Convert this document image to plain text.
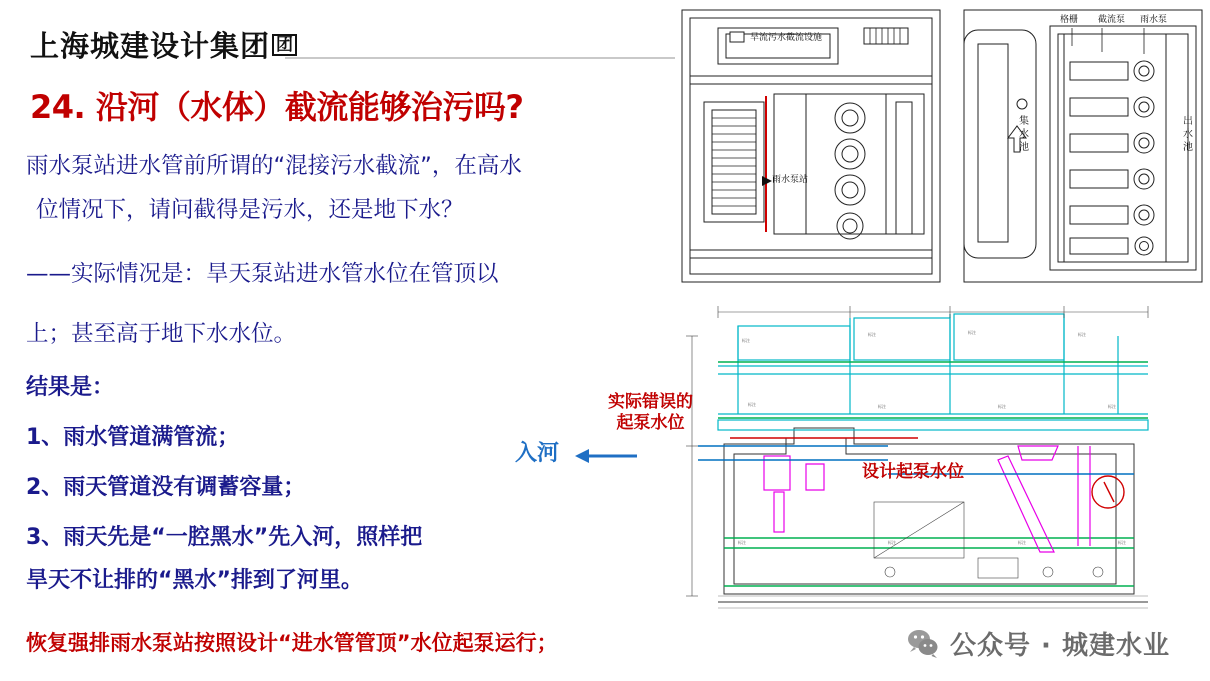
上海城建设计集团 团
24. 沿河（水体）截流能够治污吗?
雨水泵站进水管前所谓的“混接污水截流”，在高水
位情况下，请问截得是污水，还是地下水？
——实际情况是：旱天泵站进水管水位在管顶以
上；甚至高于地下水水位。
结果是：
1、雨水管道满管流；
2、雨天管道没有调蓄容量；
3、雨天先是“一腔黑水”先入河，照样把
旱天不让排的“黑水”排到了河里。
恢复强排雨水泵站按照设计“进水管管顶”水位起泵运行；
旱流污水截流设施
雨水泵站
格栅 截流泵 雨水泵
集
水
池
出
水
池
标注
标注	标注	标注
标注	标注	标注	标注
标注	标注	标注	标注
实际错误的
起泵水位
设计起泵水位
入河
公众号 · 城建水业
